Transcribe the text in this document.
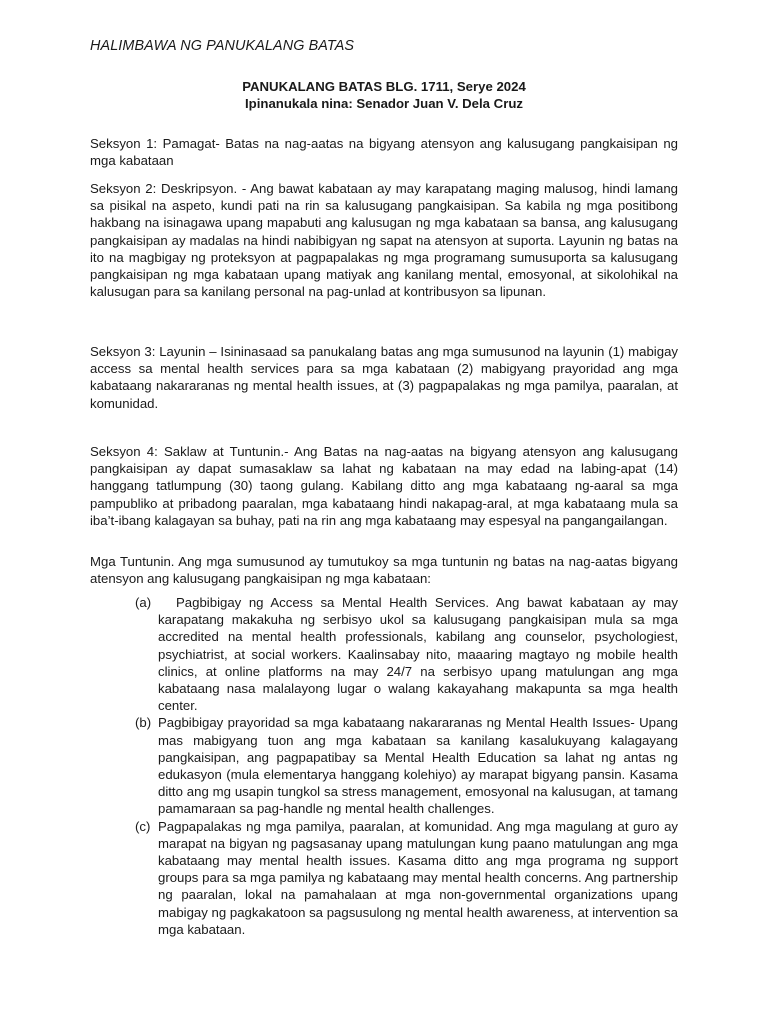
HALIMBAWA NG PANUKALANG BATAS
PANUKALANG BATAS BLG. 1711, Serye 2024
Ipinanukala nina: Senador Juan V. Dela Cruz

Seksyon 1: Pamagat- Batas na nag-aatas na bigyang atensyon ang kalusugang pangkaisipan ng mga kabataan

Seksyon 2: Deskripsyon. - Ang bawat kabataan ay may karapatang maging malusog, hindi lamang sa pisikal na aspeto, kundi pati na rin sa kalusugang pangkaisipan. Sa kabila ng mga positibong hakbang na isinagawa upang mapabuti ang kalusugan ng mga kabataan sa bansa, ang kalusugang pangkaisipan ay madalas na hindi nabibigyan ng sapat na atensyon at suporta. Layunin ng batas na ito na magbigay ng proteksyon at pagpapalakas ng mga programang sumusuporta sa kalusugang pangkaisipan ng mga kabataan upang matiyak ang kanilang mental, emosyonal, at sikolohikal na kalusugan para sa kanilang personal na pag-unlad at kontribusyon sa lipunan.

Seksyon 3: Layunin – Isininasaad sa panukalang batas ang mga sumusunod na layunin (1) mabigay access sa mental health services para sa mga kabataan (2) mabigyang prayoridad ang mga kabataang nakararanas ng mental health issues, at (3) pagpapalakas ng mga pamilya, paaralan, at komunidad.

Seksyon 4: Saklaw at Tuntunin.- Ang Batas na nag-aatas na bigyang atensyon ang kalusugang pangkaisipan ay dapat sumasaklaw sa lahat ng kabataan na may edad na labing-apat (14) hanggang tatlumpung (30) taong gulang. Kabilang ditto ang mga kabataang ng-aaral sa mga pampubliko at pribadong paaralan, mga kabataang hindi nakapag-aral, at mga kabataang mula sa iba’t-ibang kalagayan sa buhay, pati na rin ang mga kabataang may espesyal na pangangailangan.

Mga Tuntunin. Ang mga sumusunod ay tumutukoy sa mga tuntunin ng batas na nag-aatas bigyang atensyon ang kalusugang pangkaisipan ng mga kabataan:

(a)	Pagbibigay ng Access sa Mental Health Services. Ang bawat kabataan ay may karapatang makakuha ng serbisyo ukol sa kalusugang pangkaisipan mula sa mga accredited na mental health professionals, kabilang ang counselor, psychologiest, psychiatrist, at social workers. Kaalinsabay nito, maaaring magtayo ng mobile health clinics, at online platforms na may 24/7 na serbisyo upang matulungan ang mga kabataang nasa malalayong lugar o walang kakayahang makapunta sa mga health center.
(b) Pagbibigay prayoridad sa mga kabataang nakararanas ng Mental Health Issues- Upang mas mabigyang tuon ang mga kabataan sa kanilang kasalukuyang kalagayang pangkaisipan, ang pagpapatibay sa Mental Health Education sa lahat ng antas ng edukasyon (mula elementarya hanggang kolehiyo) ay marapat bigyang pansin. Kasama ditto ang mg usapin tungkol sa stress management, emosyonal na kalusugan, at tamang pamamaraan sa pag-handle ng mental health challenges.
(c) Pagpapalakas ng mga pamilya, paaralan, at komunidad. Ang mga magulang at guro ay marapat na bigyan ng pagsasanay upang matulungan kung paano matulungan ang mga kabataang may mental health issues. Kasama ditto ang mga programa ng support groups para sa mga pamilya ng kabataang may mental health concerns. Ang partnership ng paaralan, lokal na pamahalaan at mga non-governmental organizations upang mabigay ng pagkakatoon sa pagsusulong ng mental health awareness, at intervention sa mga kabataan.
